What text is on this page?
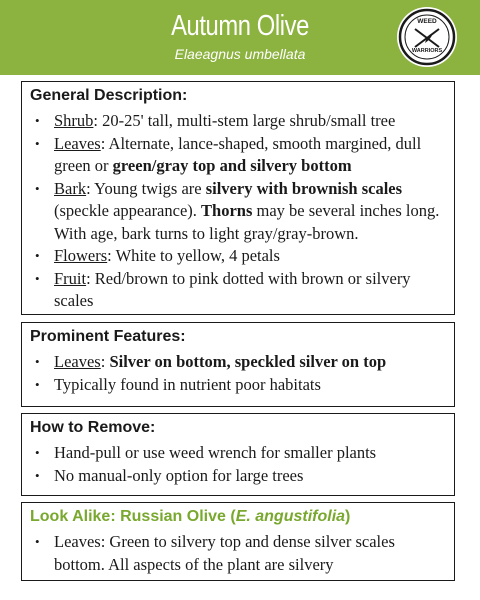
Autumn Olive
Elaeagnus umbellata
WEED
WARRIORS
General Description:
• Shrub: 20-25' tall, multi-stem large shrub/small tree
• Leaves: Alternate, lance-shaped, smooth margined, dull green or green/gray top and silvery bottom
• Bark: Young twigs are silvery with brownish scales (speckle appearance). Thorns may be several inches long. With age, bark turns to light gray/gray-brown.
• Flowers: White to yellow, 4 petals
• Fruit: Red/brown to pink dotted with brown or silvery scales
Prominent Features:
• Leaves: Silver on bottom, speckled silver on top
• Typically found in nutrient poor habitats
How to Remove:
• Hand-pull or use weed wrench for smaller plants
• No manual-only option for large trees
Look Alike: Russian Olive (E. angustifolia)
• Leaves: Green to silvery top and dense silver scales bottom. All aspects of the plant are silvery
